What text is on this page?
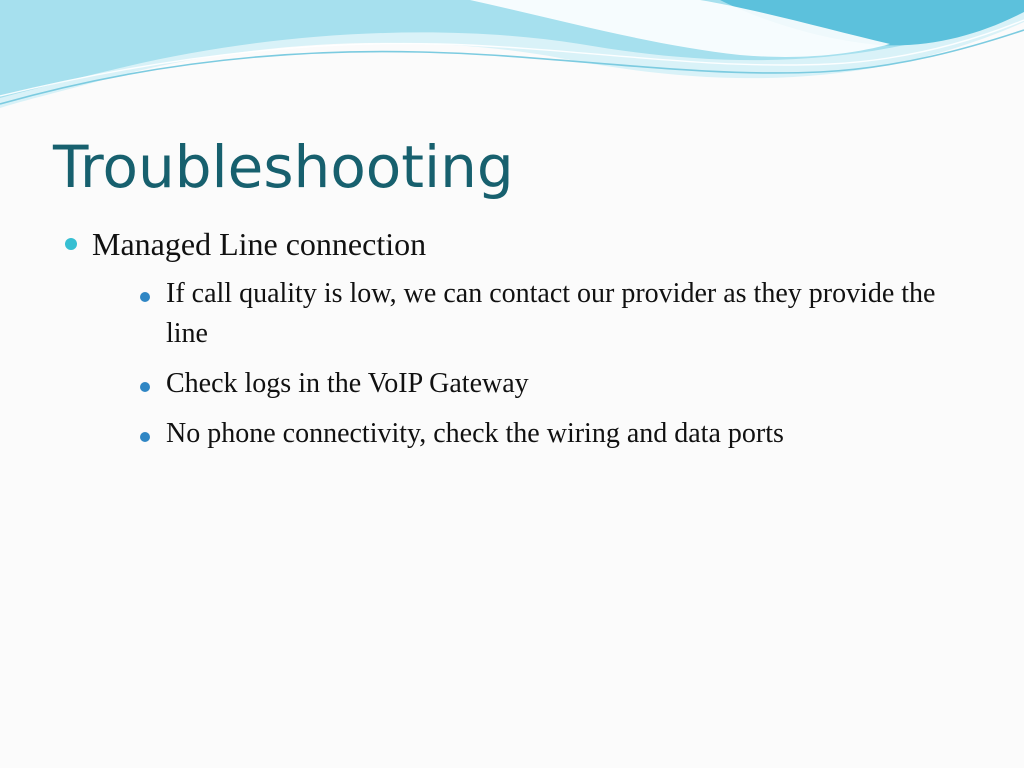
Troubleshooting
Managed Line connection
If call quality is low, we can contact our provider as they provide the line
Check logs in the VoIP Gateway
No phone connectivity, check the wiring and data ports
